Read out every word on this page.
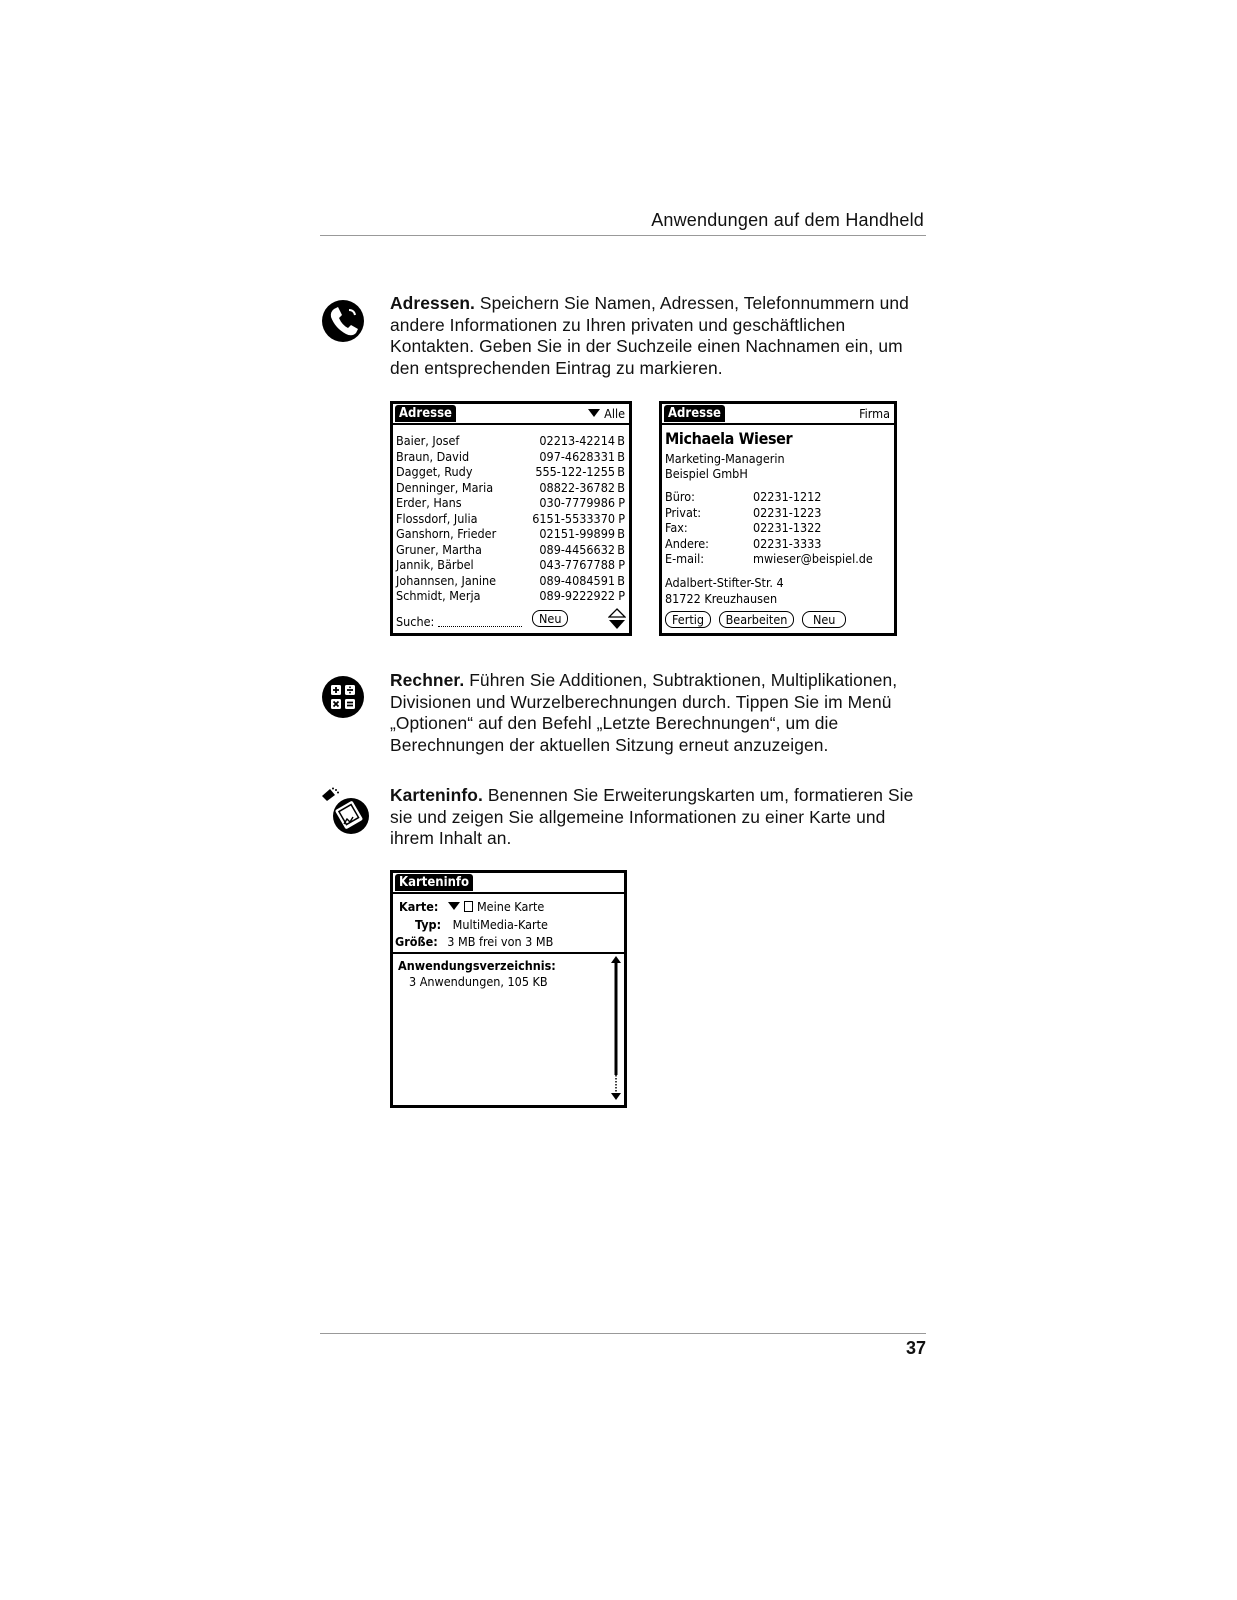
Anwendungen auf dem Handheld
Adressen. Speichern Sie Namen, Adressen, Telefonnummern und andere Informationen zu Ihren privaten und geschäftlichen Kontakten. Geben Sie in der Suchzeile einen Nachnamen ein, um den entsprechenden Eintrag zu markieren.
Adresse	Alle
Baier, Josef	02213-42214 B
Braun, David	097-4628331 B
Dagget, Rudy	555-122-1255 B
Denninger, Maria	08822-36782 B
Erder, Hans	030-7779986 P
Flossdorf, Julia	6151-5533370 P
Ganshorn, Frieder	02151-99899 B
Gruner, Martha	089-4456632 B
Jannik, Bärbel	043-7767788 P
Johannsen, Janine	089-4084591 B
Schmidt, Merja	089-9222922 P
Suche:	Neu
Adresse	Firma
Michaela Wieser
Marketing-Managerin
Beispiel GmbH
Büro:	02231-1212
Privat:	02231-1223
Fax:	02231-1322
Andere:	02231-3333
E-mail:	mwieser@beispiel.de
Adalbert-Stifter-Str. 4
81722 Kreuzhausen
Fertig Bearbeiten Neu
Rechner. Führen Sie Additionen, Subtraktionen, Multiplikationen, Divisionen und Wurzelberechnungen durch. Tippen Sie im Menü „Optionen“ auf den Befehl „Letzte Berechnungen“, um die Berechnungen der aktuellen Sitzung erneut anzuzeigen.
Karteninfo. Benennen Sie Erweiterungskarten um, formatieren Sie sie und zeigen Sie allgemeine Informationen zu einer Karte und ihrem Inhalt an.
Karteninfo
Karte:	Meine Karte
Typ: MultiMedia-Karte
Größe: 3 MB frei von 3 MB
Anwendungsverzeichnis:
3 Anwendungen, 105 KB
37
